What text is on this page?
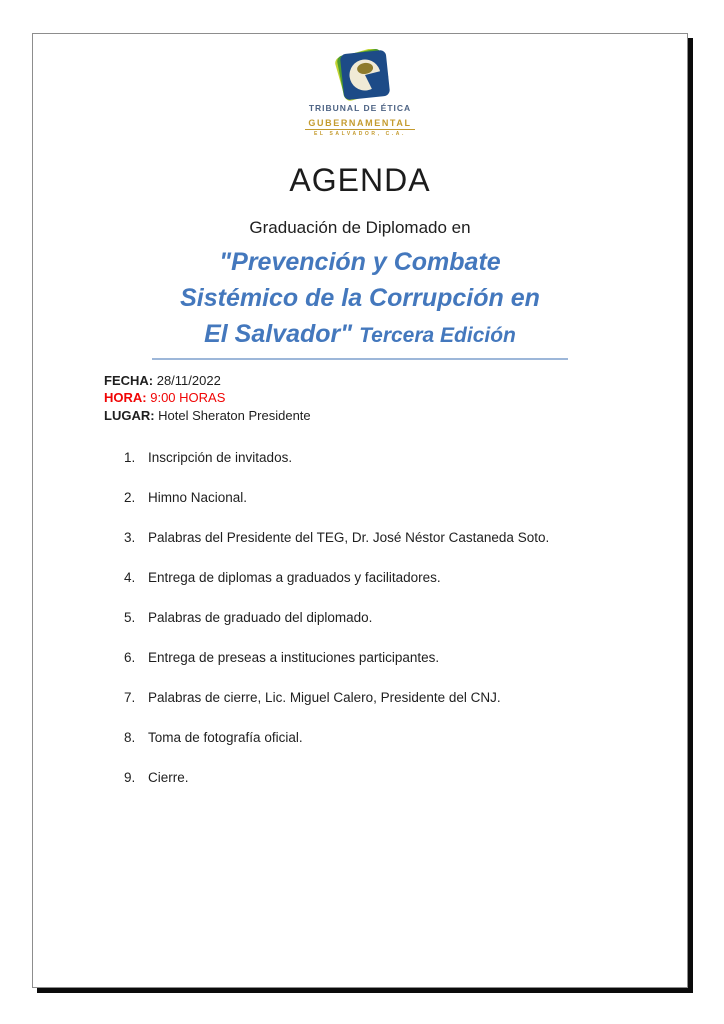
TRIBUNAL DE ÉTICA
GUBERNAMENTAL
EL SALVADOR, C.A.
AGENDA
Graduación de Diplomado en
"Prevención y Combate
Sistémico de la Corrupción en
El Salvador" Tercera Edición
FECHA: 28/11/2022
HORA: 9:00 HORAS
LUGAR: Hotel Sheraton Presidente
1. Inscripción de invitados.
2. Himno Nacional.
3. Palabras del Presidente del TEG, Dr. José Néstor Castaneda Soto.
4. Entrega de diplomas a graduados y facilitadores.
5. Palabras de graduado del diplomado.
6. Entrega de preseas a instituciones participantes.
7. Palabras de cierre, Lic. Miguel Calero, Presidente del CNJ.
8. Toma de fotografía oficial.
9. Cierre.
